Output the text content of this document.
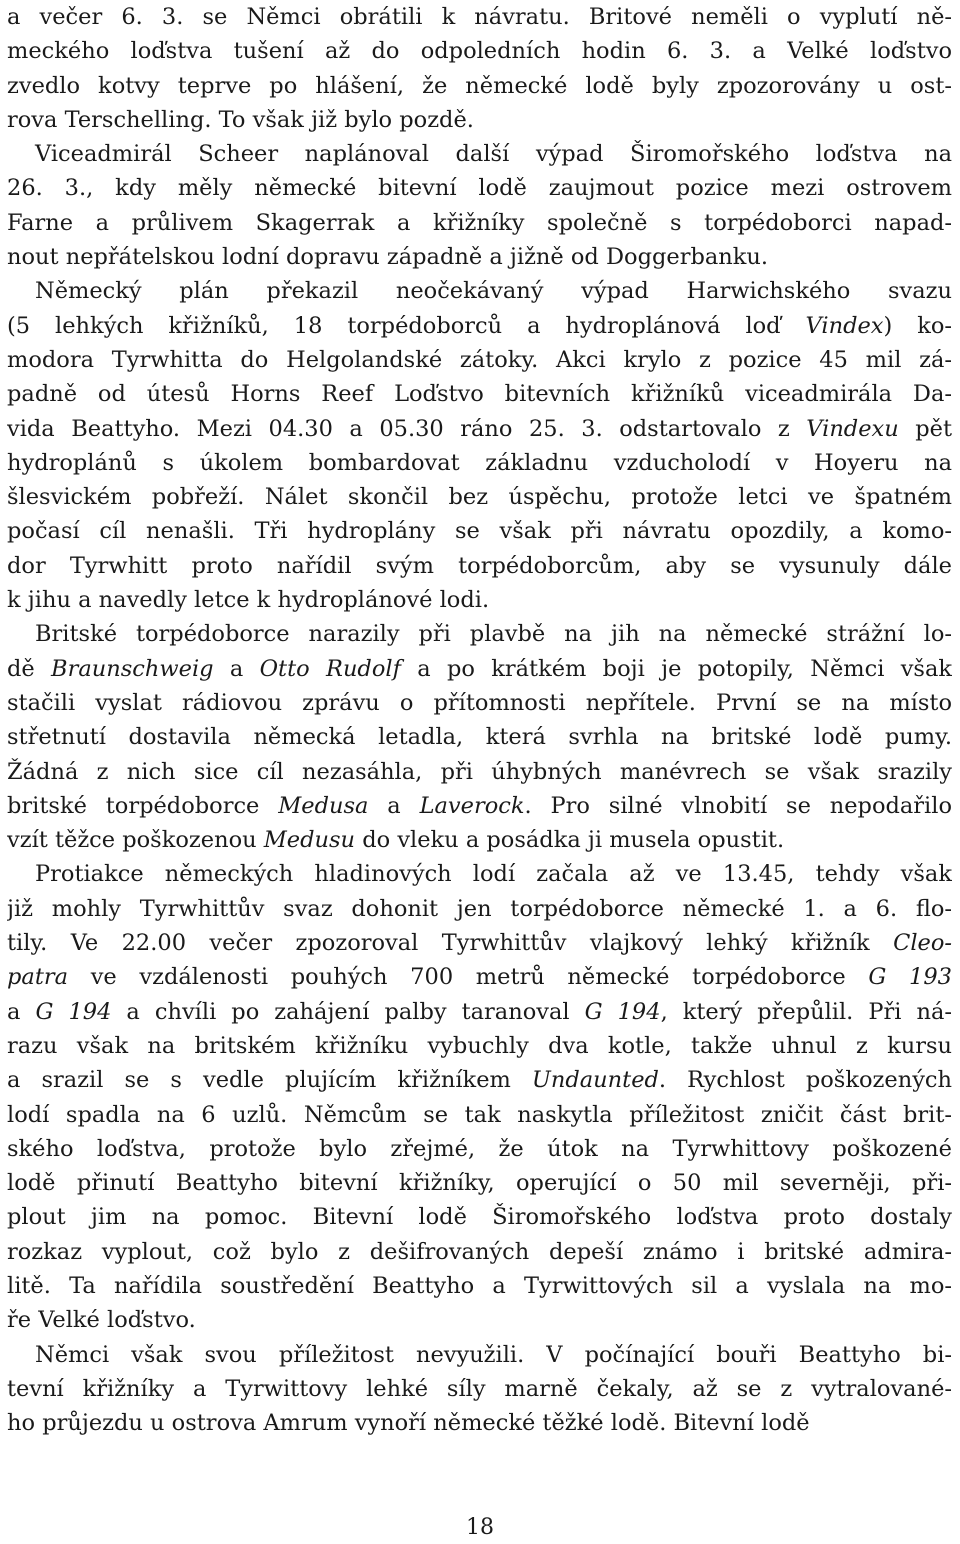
a večer 6. 3. se Němci obrátili k návratu. Britové neměli o vyplutí ně-
meckého loďstva tušení až do odpoledních hodin 6. 3. a Velké loďstvo
zvedlo kotvy teprve po hlášení, že německé lodě byly zpozorovány u ost-
rova Terschelling. To však již bylo pozdě.
Viceadmirál Scheer naplánoval další výpad Širomořského loďstva na
26. 3., kdy měly německé bitevní lodě zaujmout pozice mezi ostrovem
Farne a průlivem Skagerrak a křižníky společně s torpédoborci napad-
nout nepřátelskou lodní dopravu západně a jižně od Doggerbanku.
Německý plán překazil neočekávaný výpad Harwichského svazu
(5 lehkých křižníků, 18 torpédoborců a hydroplánová loď Vindex) ko-
modora Tyrwhitta do Helgolandské zátoky. Akci krylo z pozice 45 mil zá-
padně od útesů Horns Reef Loďstvo bitevních křižníků viceadmirála Da-
vida Beattyho. Mezi 04.30 a 05.30 ráno 25. 3. odstartovalo z Vindexu pět
hydroplánů s úkolem bombardovat základnu vzducholodí v Hoyeru na
šlesvickém pobřeží. Nálet skončil bez úspěchu, protože letci ve špatném
počasí cíl nenašli. Tři hydroplány se však při návratu opozdily, a komo-
dor Tyrwhitt proto nařídil svým torpédoborcům, aby se vysunuly dále
k jihu a navedly letce k hydroplánové lodi.
Britské torpédoborce narazily při plavbě na jih na německé strážní lo-
dě Braunschweig a Otto Rudolf a po krátkém boji je potopily, Němci však
stačili vyslat rádiovou zprávu o přítomnosti nepřítele. První se na místo
střetnutí dostavila německá letadla, která svrhla na britské lodě pumy.
Žádná z nich sice cíl nezasáhla, při úhybných manévrech se však srazily
britské torpédoborce Medusa a Laverock. Pro silné vlnobití se nepodařilo
vzít těžce poškozenou Medusu do vleku a posádka ji musela opustit.
Protiakce německých hladinových lodí začala až ve 13.45, tehdy však
již mohly Tyrwhittův svaz dohonit jen torpédoborce německé 1. a 6. flo-
tily. Ve 22.00 večer zpozoroval Tyrwhittův vlajkový lehký křižník Cleo-
patra ve vzdálenosti pouhých 700 metrů německé torpédoborce G 193
a G 194 a chvíli po zahájení palby taranoval G 194, který přepůlil. Při ná-
razu však na britském křižníku vybuchly dva kotle, takže uhnul z kursu
a srazil se s vedle plujícím křižníkem Undaunted. Rychlost poškozených
lodí spadla na 6 uzlů. Němcům se tak naskytla příležitost zničit část brit-
ského loďstva, protože bylo zřejmé, že útok na Tyrwhittovy poškozené
lodě přinutí Beattyho bitevní křižníky, operující o 50 mil severněji, při-
plout jim na pomoc. Bitevní lodě Širomořského loďstva proto dostaly
rozkaz vyplout, což bylo z dešifrovaných depeší známo i britské admira-
litě. Ta nařídila soustředění Beattyho a Tyrwittových sil a vyslala na mo-
ře Velké loďstvo.
Němci však svou příležitost nevyužili. V počínající bouři Beattyho bi-
tevní křižníky a Tyrwittovy lehké síly marně čekaly, až se z vytralované-
ho průjezdu u ostrova Amrum vynoří německé těžké lodě. Bitevní lodě
18
